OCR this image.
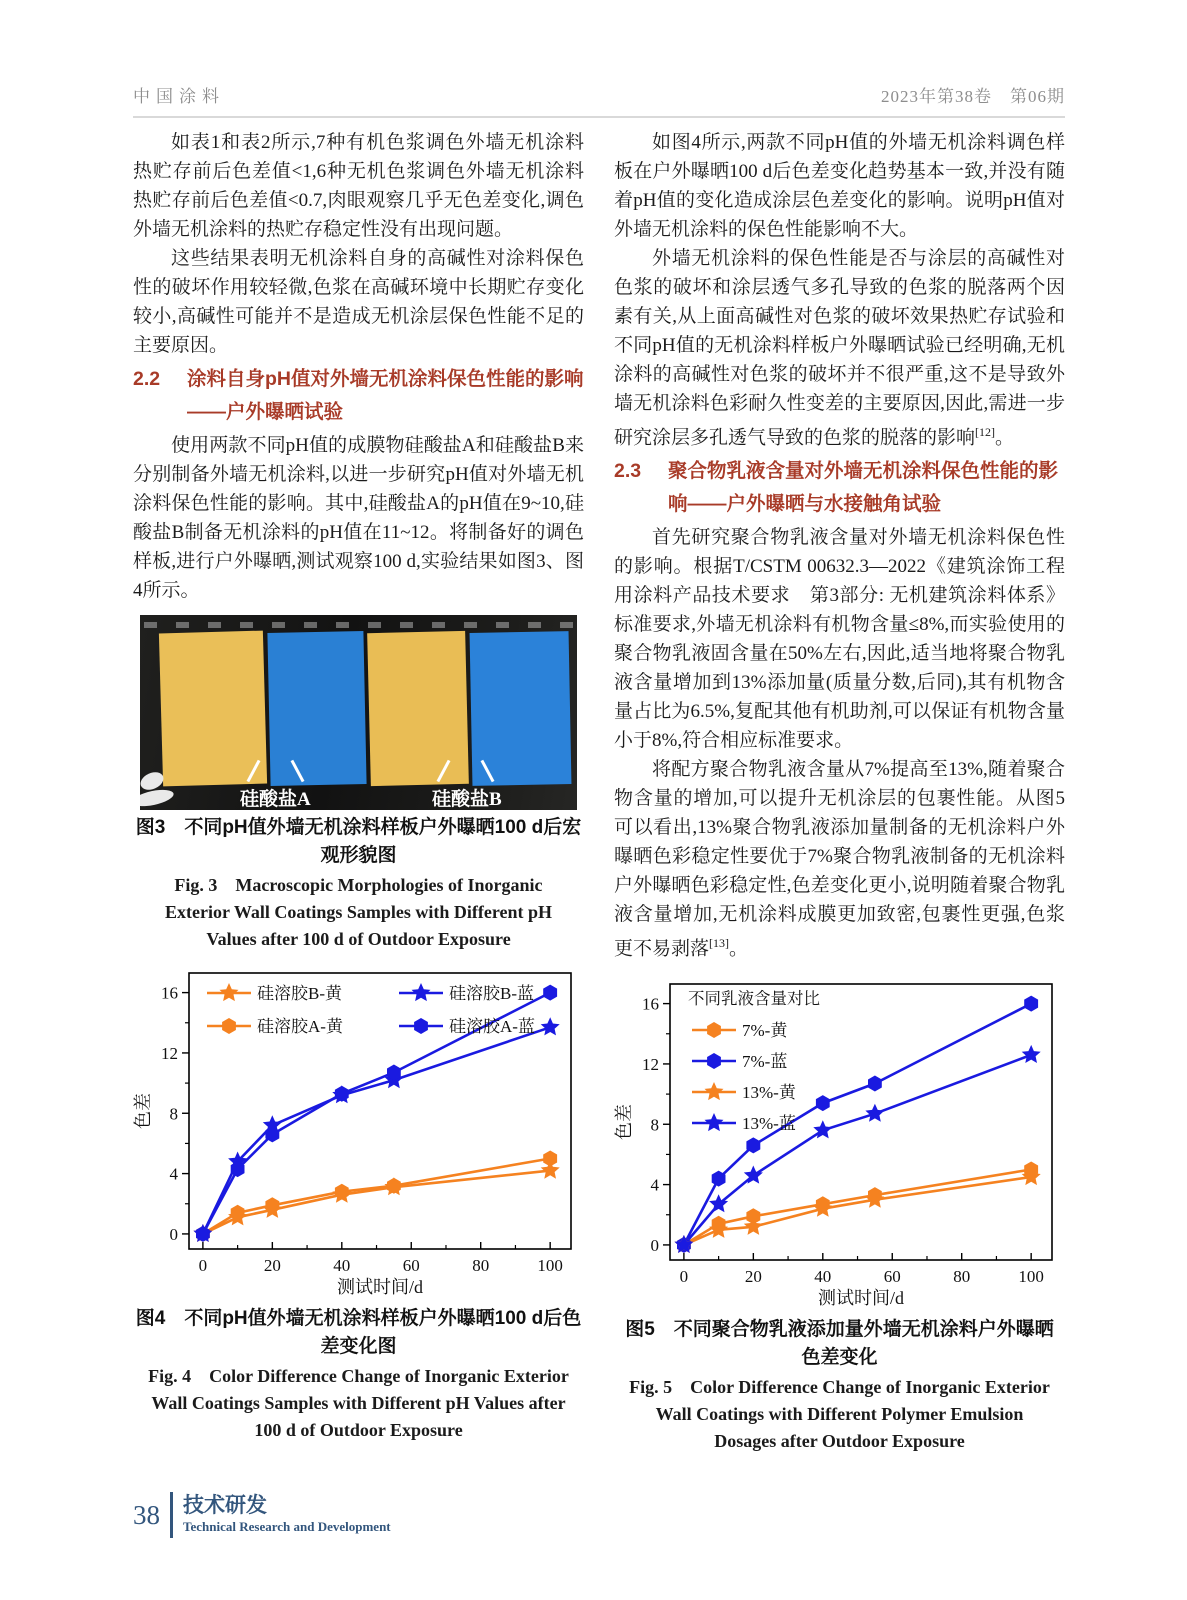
中国涂料	2023年第38卷　第06期

如表1和表2所示,7种有机色浆调色外墙无机涂料热贮存前后色差值<1,6种无机色浆调色外墙无机涂料热贮存前后色差值<0.7,肉眼观察几乎无色差变化,调色外墙无机涂料的热贮存稳定性没有出现问题。

这些结果表明无机涂料自身的高碱性对涂料保色性的破坏作用较轻微,色浆在高碱环境中长期贮存变化较小,高碱性可能并不是造成无机涂层保色性能不足的主要原因。

2.2	涂料自身pH值对外墙无机涂料保色性能的影响——户外曝晒试验

使用两款不同pH值的成膜物硅酸盐A和硅酸盐B来分别制备外墙无机涂料,以进一步研究pH值对外墙无机涂料保色性能的影响。其中,硅酸盐A的pH值在9~10,硅酸盐B制备无机涂料的pH值在11~12。将制备好的调色样板,进行户外曝晒,测试观察100 d,实验结果如图3、图4所示。

硅酸盐A	硅酸盐B
图3　不同pH值外墙无机涂料样板户外曝晒100 d后宏观形貌图
Fig. 3　Macroscopic Morphologies of Inorganic Exterior Wall Coatings Samples with Different pH Values after 100 d of Outdoor Exposure
0	20	40	60	80	100
0
4
8
12
16
测试时间/d
色差
硅溶胶B-黄
硅溶胶A-黄
硅溶胶B-蓝
硅溶胶A-蓝
图4　不同pH值外墙无机涂料样板户外曝晒100 d后色差变化图
Fig. 4　Color Difference Change of Inorganic Exterior Wall Coatings Samples with Different pH Values after 100 d of Outdoor Exposure

如图4所示,两款不同pH值的外墙无机涂料调色样板在户外曝晒100 d后色差变化趋势基本一致,并没有随着pH值的变化造成涂层色差变化的影响。说明pH值对外墙无机涂料的保色性能影响不大。

外墙无机涂料的保色性能是否与涂层的高碱性对色浆的破坏和涂层透气多孔导致的色浆的脱落两个因素有关,从上面高碱性对色浆的破坏效果热贮存试验和不同pH值的无机涂料样板户外曝晒试验已经明确,无机涂料的高碱性对色浆的破坏并不很严重,这不是导致外墙无机涂料色彩耐久性变差的主要原因,因此,需进一步研究涂层多孔透气导致的色浆的脱落的影响[12]。

2.3	聚合物乳液含量对外墙无机涂料保色性能的影响——户外曝晒与水接触角试验

首先研究聚合物乳液含量对外墙无机涂料保色性的影响。根据T/CSTM 00632.3—2022《建筑涂饰工程用涂料产品技术要求　第3部分: 无机建筑涂料体系》标准要求,外墙无机涂料有机物含量≤8%,而实验使用的聚合物乳液固含量在50%左右,因此,适当地将聚合物乳液含量增加到13%添加量(质量分数,后同),其有机物含量占比为6.5%,复配其他有机助剂,可以保证有机物含量小于8%,符合相应标准要求。

将配方聚合物乳液含量从7%提高至13%,随着聚合物含量的增加,可以提升无机涂层的包裹性能。从图5可以看出,13%聚合物乳液添加量制备的无机涂料户外曝晒色彩稳定性要优于7%聚合物乳液制备的无机涂料户外曝晒色彩稳定性,色差变化更小,说明随着聚合物乳液含量增加,无机涂料成膜更加致密,包裹性更强,色浆更不易剥落[13]。

0	20	40	60	80	100
0
4
8
12
16
测试时间/d
色差
不同乳液含量对比
7%-黄
7%-蓝
13%-黄
13%-蓝
图5　不同聚合物乳液添加量外墙无机涂料户外曝晒色差变化
Fig. 5　Color Difference Change of Inorganic Exterior Wall Coatings with Different Polymer Emulsion Dosages after Outdoor Exposure
38 技术研发
Technical Research and Development
